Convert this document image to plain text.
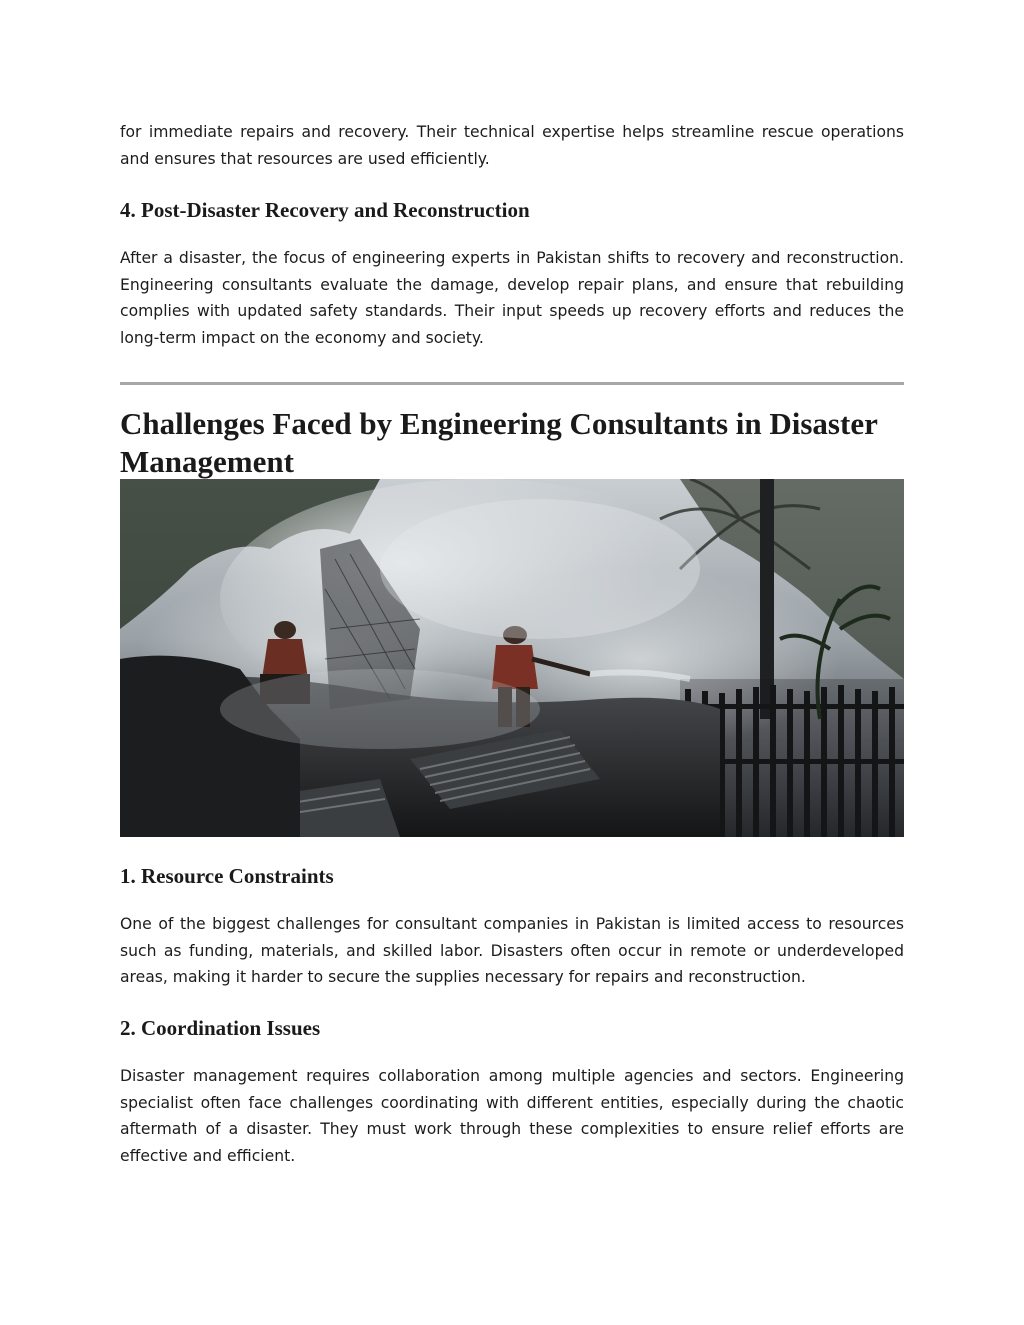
for immediate repairs and recovery. Their technical expertise helps streamline rescue operations and ensures that resources are used efficiently.

4. Post-Disaster Recovery and Reconstruction

After a disaster, the focus of engineering experts in Pakistan shifts to recovery and reconstruction. Engineering consultants evaluate the damage, develop repair plans, and ensure that rebuilding complies with updated safety standards. Their input speeds up recovery efforts and reduces the long-term impact on the economy and society.

Challenges Faced by Engineering Consultants in Disaster Management
1. Resource Constraints

One of the biggest challenges for consultant companies in Pakistan is limited access to resources such as funding, materials, and skilled labor. Disasters often occur in remote or underdeveloped areas, making it harder to secure the supplies necessary for repairs and reconstruction.

2. Coordination Issues

Disaster management requires collaboration among multiple agencies and sectors. Engineering specialist often face challenges coordinating with different entities, especially during the chaotic aftermath of a disaster. They must work through these complexities to ensure relief efforts are effective and efficient.
